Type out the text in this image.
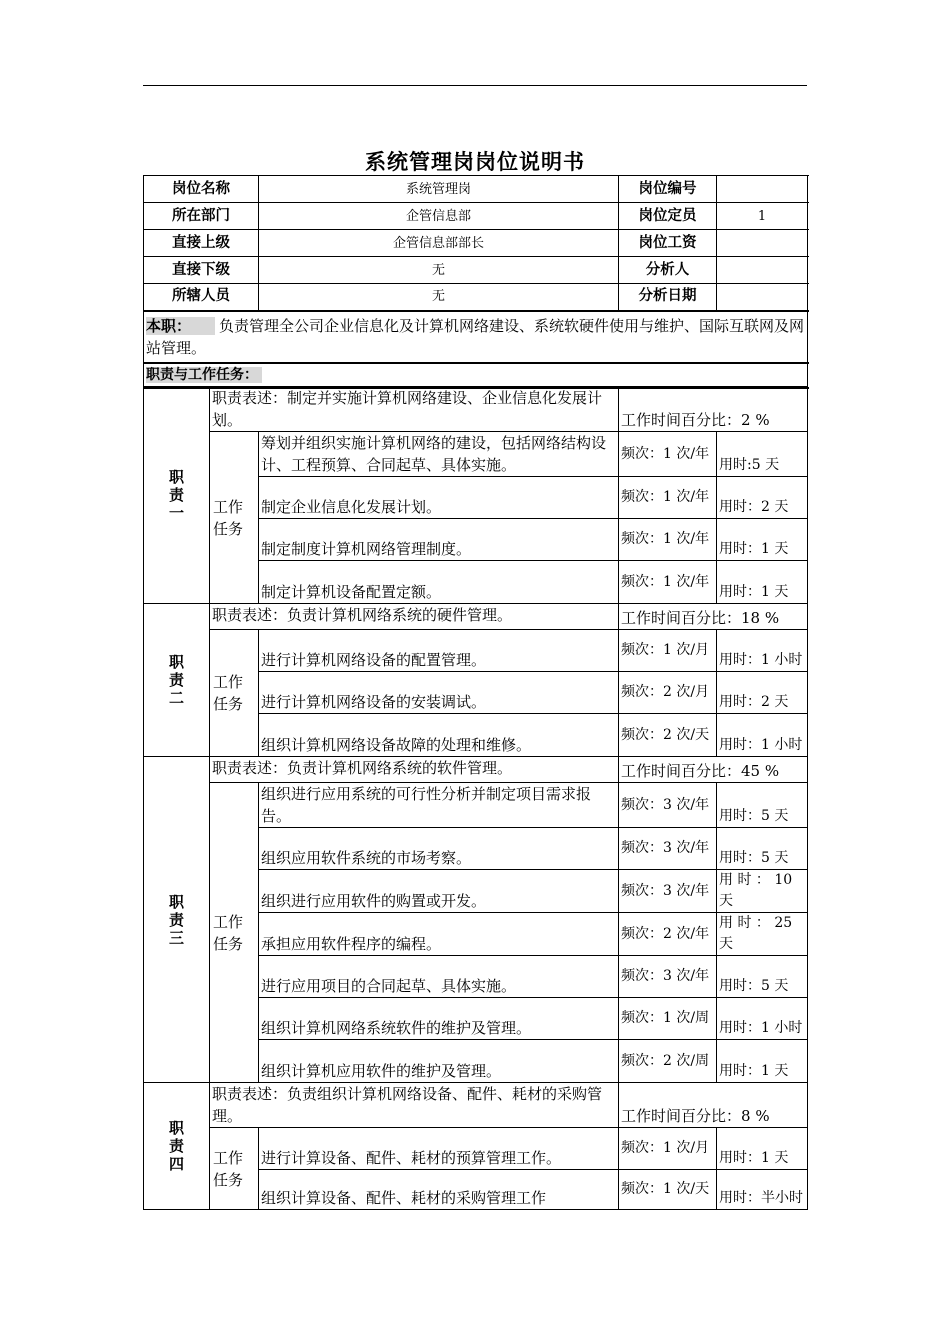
系统管理岗岗位说明书
岗位名称	系统管理岗	岗位编号	
所在部门	企管信息部	岗位定员	1
直接上级	企管信息部部长	岗位工资	
直接下级	无	分析人	
所辖人员	无	分析日期	
本职： 负责管理全公司企业信息化及计算机网络建设、系统软硬件使用与维护、国际互联网及网站管理。			
职责与工作任务：			
职
责
一	职责表述：制定并实施计算机网络建设、企业信息化发展计划。		工作时间百分比：2 %	

	工作任务	筹划并组织实施计算机网络的建设，包括网络结构设计、工程预算、合同起草、具体实施。	频次：1 次/年	用时:5 天
		制定企业信息化发展计划。	频次：1 次/年	用时：2 天
		制定制度计算机网络管理制度。	频次：1 次/年	用时：1 天
		制定计算机设备配置定额。	频次：1 次/年	用时：1 天

职
责
二	职责表述：负责计算机网络系统的硬件管理。		工作时间百分比：18 %	

	工作任务	进行计算机网络设备的配置管理。	频次：1 次/月	用时：1 小时
		进行计算机网络设备的安装调试。	频次：2 次/月	用时：2 天
		组织计算机网络设备故障的处理和维修。	频次：2 次/天	用时：1 小时

职
责
三	职责表述：负责计算机网络系统的软件管理。		工作时间百分比：45 %	

	工作任务	组织进行应用系统的可行性分析并制定项目需求报告。	频次：3 次/年	用时：5 天
		组织应用软件系统的市场考察。	频次：3 次/年	用时：5 天
		组织进行应用软件的购置或开发。	频次：3 次/年	用 时 ： 10天
		承担应用软件程序的编程。	频次：2 次/年	用 时 ： 25天
		进行应用项目的合同起草、具体实施。	频次：3 次/年	用时：5 天
		组织计算机网络系统软件的维护及管理。	频次：1 次/周	用时：1 小时
		组织计算机应用软件的维护及管理。	频次：2 次/周	用时：1 天

职
责
四	职责表述：负责组织计算机网络设备、配件、耗材的采购管理。		工作时间百分比：8 %	

	工作任务	进行计算设备、配件、耗材的预算管理工作。	频次：1 次/月	用时：1 天
		组织计算设备、配件、耗材的采购管理工作	频次：1 次/天	用时：半小时
